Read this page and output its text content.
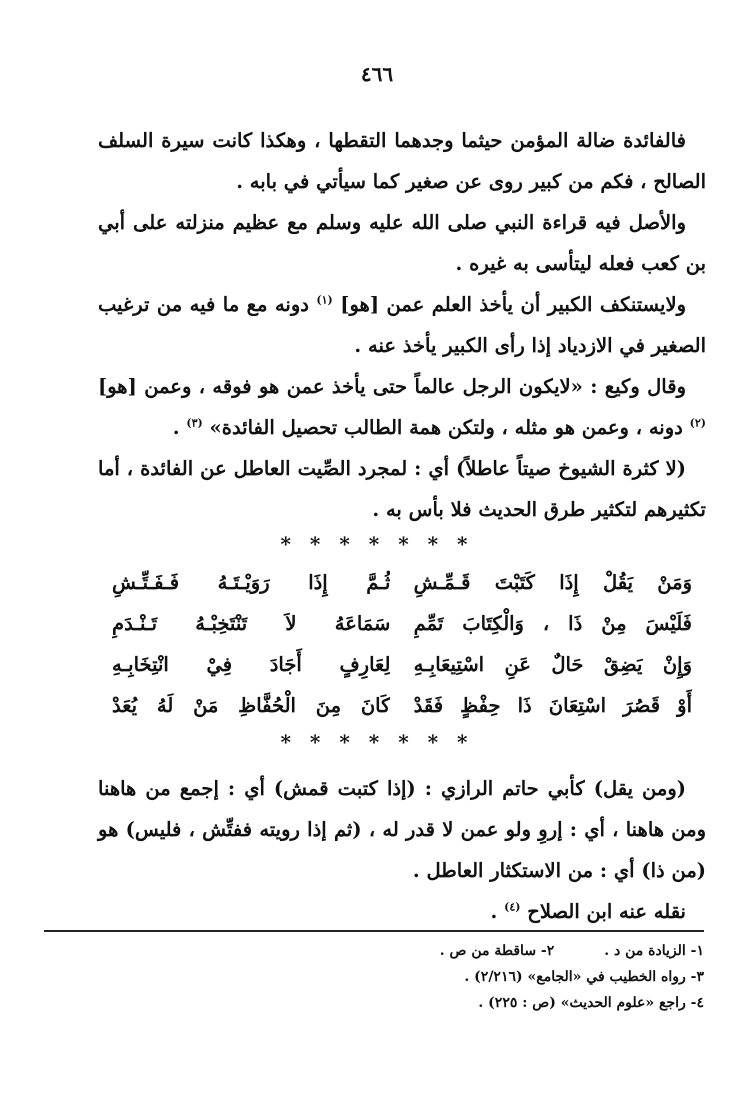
٤٦٦

فالفائدة ضالة المؤمن حيثما وجدهما التقطها ، وهكذا كانت سيرة السلف الصالح ، فكم من كبير روى عن صغير كما سيأتي في بابه .

والأصل فيه قراءة النبي صلى الله عليه وسلم مع عظيم منزلته على أبي بن كعب فعله ليتأسى به غيره .

ولايستنكف الكبير أن يأخذ العلم عمن [هو] $^{(١)}$ دونه مع ما فيه من ترغيب الصغير في الازدياد إذا رأى الكبير يأخذ عنه .

وقال وكيع : «لايكون الرجل عالماً حتى يأخذ عمن هو فوقه ، وعمن [هو] $^{(٢)}$ دونه ، وعمن هو مثله ، ولتكن همة الطالب تحصيل الفائدة» $^{(٣)}$ .

(لا كثرة الشيوخ صيتاً عاطلاً) أي : لمجرد الصِّيت العاطل عن الفائدة ، أما تكثيرهم لتكثير طرق الحديث فلا بأس به .

* * * * * * *
وَمَنْ يَقُلْ إِذَا كَتَبْتَ قَـمِّـشِ
ثُـمَّ إِذَا رَوَيْـتَـهُ فَـفَـتِّـشِ
فَلَيْسَ مِنْ ذَا ، وَالْكِتَابَ تَمِّمِ
سَمَاعَهُ لاَ تَنْتَخِبْـهُ تَـنْـدَمِ
وَإِنْ يَضِقْ حَالٌ عَنِ اسْتِيعَابِـهِ
لِعَارِفٍ أَجَادَ فِيْ انْتِخَابِـهِ
أَوْ قَصُرَ اسْتِعَانَ ذَا حِفْظٍ فَقَدْ
كَانَ مِنَ الْحُفَّاظِ مَنْ لَهُ يُعَدْ
* * * * * * *

(ومن يقل) كأبي حاتم الرازي : (إذا كتبت قمش) أي : إجمع من هاهنا ومن هاهنا ، أي : إروِ ولو عمن لا قدر له ، (ثم إذا رويته ففتِّش ، فليس) هو (من ذا) أي : من الاستكثار العاطل .

نقله عنه ابن الصلاح $^{(٤)}$ .

١- الزيادة من د .
٢- ساقطة من ص .
٣- رواه الخطيب في «الجامع» (٢/٢١٦) .
٤- راجع «علوم الحديث» (ص : ٢٢٥) .
